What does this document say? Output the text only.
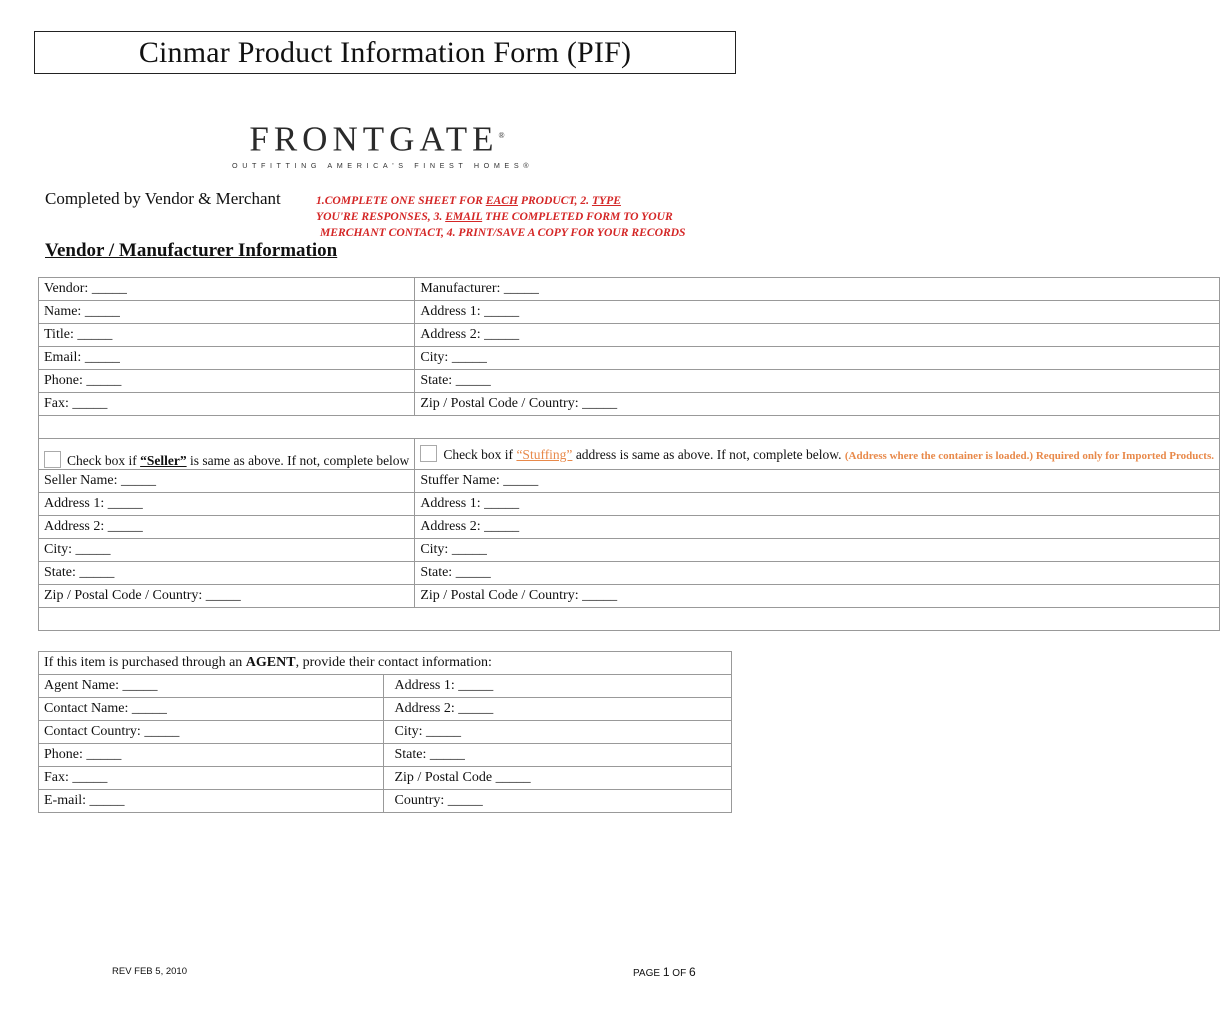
Cinmar Product Information Form (PIF)
FRONTGATE®
OUTFITTING AMERICA'S FINEST HOMES®
Completed by Vendor & Merchant	1.COMPLETE ONE SHEET FOR EACH PRODUCT, 2. TYPE
YOU'RE RESPONSES, 3. EMAIL THE COMPLETED FORM TO YOUR
MERCHANT CONTACT, 4. PRINT/SAVE A COPY FOR YOUR RECORDS
Vendor / Manufacturer Information
Vendor: _____	Manufacturer: _____
Name: _____	Address 1: _____
Title: _____	Address 2: _____
Email: _____	City: _____
Phone: _____	State: _____
Fax: _____	Zip / Postal Code / Country: _____

Check box if “Seller” is same as above. If not, complete below	Check box if “Stuffing” address is same as above. If not, complete below. (Address where the container is loaded.) Required only for Imported Products.
Seller Name: _____	Stuffer Name: _____
Address 1: _____	Address 1: _____
Address 2: _____	Address 2: _____
City: _____	City: _____
State: _____	State: _____
Zip / Postal Code / Country: _____	Zip / Postal Code / Country: _____

If this item is purchased through an AGENT, provide their contact information:	
Agent Name: _____	Address 1: _____
Contact Name: _____	Address 2: _____
Contact Country: _____	City: _____
Phone: _____	State: _____
Fax: _____	Zip / Postal Code _____
E-mail: _____	Country: _____
REV FEB 5, 2010	PAGE 1 OF 6
